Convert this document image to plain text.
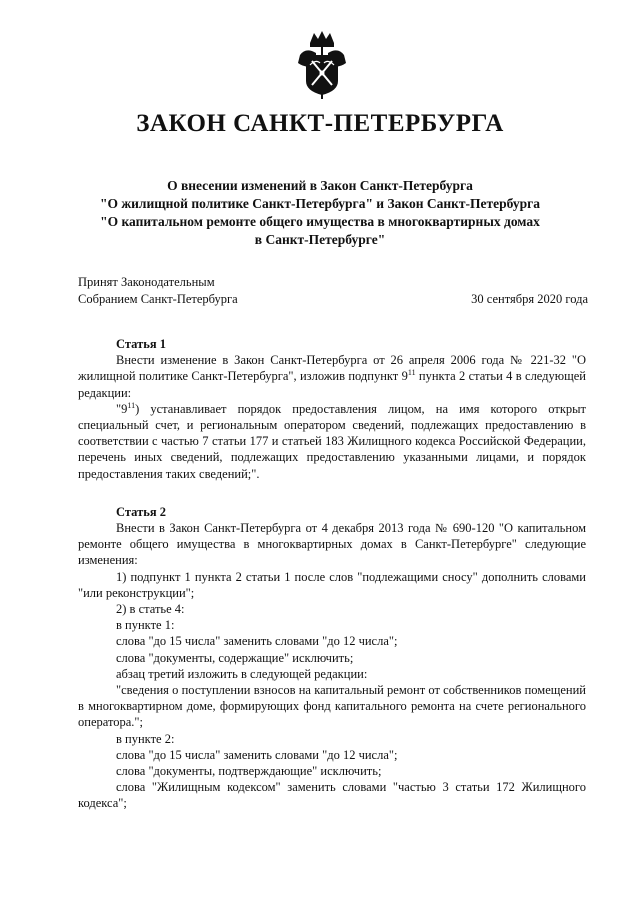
ЗАКОН САНКТ-ПЕТЕРБУРГА
О внесении изменений в Закон Санкт-Петербурга
"О жилищной политике Санкт-Петербурга" и Закон Санкт-Петербурга
"О капитальном ремонте общего имущества в многоквартирных домах
в Санкт-Петербурге"
Принят Законодательным
Собранием Санкт-Петербурга	30 сентября 2020 года

Статья 1

Внести изменение в Закон Санкт-Петербурга от 26 апреля 2006 года № 221-32 "О жилищной политике Санкт-Петербурга", изложив подпункт $9^{11}$ пункта 2 статьи 4 в следующей редакции:

"$9^{11}$) устанавливает порядок предоставления лицом, на имя которого открыт специальный счет, и региональным оператором сведений, подлежащих предоставлению в соответствии с частью 7 статьи 177 и статьей 183 Жилищного кодекса Российской Федерации, перечень иных сведений, подлежащих предоставлению указанными лицами, и порядок предоставления таких сведений;".

Статья 2

Внести в Закон Санкт-Петербурга от 4 декабря 2013 года № 690-120 "О капитальном ремонте общего имущества в многоквартирных домах в Санкт-Петербурге" следующие изменения:

1) подпункт 1 пункта 2 статьи 1 после слов "подлежащими сносу" дополнить словами "или реконструкции";

2) в статье 4:

в пункте 1:

слова "до 15 числа" заменить словами "до 12 числа";

слова "документы, содержащие" исключить;

абзац третий изложить в следующей редакции:

"сведения о поступлении взносов на капитальный ремонт от собственников помещений в многоквартирном доме, формирующих фонд капитального ремонта на счете регионального оператора.";

в пункте 2:

слова "до 15 числа" заменить словами "до 12 числа";

слова "документы, подтверждающие" исключить;

слова "Жилищным кодексом" заменить словами "частью 3 статьи 172 Жилищного кодекса";
